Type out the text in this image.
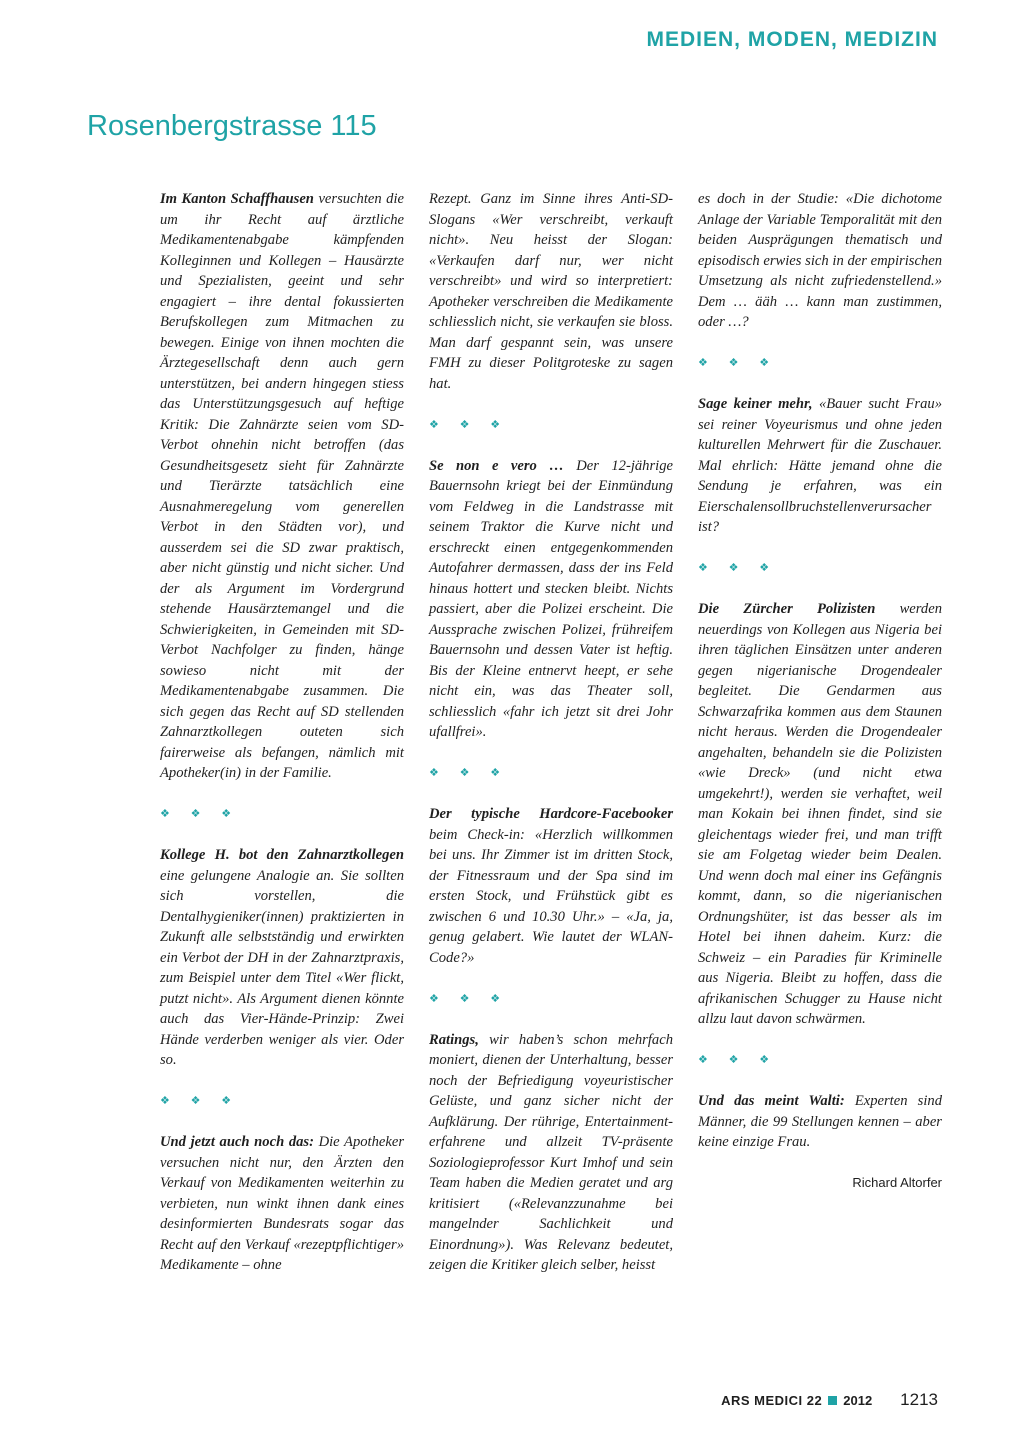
MEDIEN, MODEN, MEDIZIN
Rosenbergstrasse 115

Im Kanton Schaffhausen versuchten die um ihr Recht auf ärztliche Medikamentenabgabe kämpfenden Kolleginnen und Kollegen – Hausärzte und Spezialisten, geeint und sehr engagiert – ihre dental fokussierten Berufskollegen zum Mitmachen zu bewegen. Einige von ihnen mochten die Ärztegesellschaft denn auch gern unterstützen, bei andern hingegen stiess das Unterstützungsgesuch auf heftige Kritik: Die Zahnärzte seien vom SD-Verbot ohnehin nicht betroffen (das Gesundheitsgesetz sieht für Zahnärzte und Tierärzte tatsächlich eine Ausnahmeregelung vom generellen Verbot in den Städten vor), und ausserdem sei die SD zwar praktisch, aber nicht günstig und nicht sicher. Und der als Argument im Vordergrund stehende Hausärztemangel und die Schwierigkeiten, in Gemeinden mit SD-Verbot Nachfolger zu finden, hänge sowieso nicht mit der Medikamentenabgabe zusammen. Die sich gegen das Recht auf SD stellenden Zahnarztkollegen outeten sich fairerweise als befangen, nämlich mit Apotheker(in) in der Familie.

❖ ❖ ❖

Kollege H. bot den Zahnarztkollegen eine gelungene Analogie an. Sie sollten sich vorstellen, die Dentalhygieniker(innen) praktizierten in Zukunft alle selbstständig und erwirkten ein Verbot der DH in der Zahnarztpraxis, zum Beispiel unter dem Titel «Wer flickt, putzt nicht». Als Argument dienen könnte auch das Vier-Hände-Prinzip: Zwei Hände verderben weniger als vier. Oder so.

❖ ❖ ❖

Und jetzt auch noch das: Die Apotheker versuchen nicht nur, den Ärzten den Verkauf von Medikamenten weiterhin zu verbieten, nun winkt ihnen dank eines desinformierten Bundesrats sogar das Recht auf den Verkauf «rezeptpflichtiger» Medikamente – ohne

Rezept. Ganz im Sinne ihres Anti-SD-Slogans «Wer verschreibt, verkauft nicht». Neu heisst der Slogan: «Verkaufen darf nur, wer nicht verschreibt» und wird so interpretiert: Apotheker verschreiben die Medikamente schliesslich nicht, sie verkaufen sie bloss. Man darf gespannt sein, was unsere FMH zu dieser Politgroteske zu sagen hat.

❖ ❖ ❖

Se non e vero … Der 12-jährige Bauernsohn kriegt bei der Einmündung vom Feldweg in die Landstrasse mit seinem Traktor die Kurve nicht und erschreckt einen entgegenkommenden Autofahrer dermassen, dass der ins Feld hinaus hottert und stecken bleibt. Nichts passiert, aber die Polizei erscheint. Die Aussprache zwischen Polizei, frühreifem Bauernsohn und dessen Vater ist heftig. Bis der Kleine entnervt heept, er sehe nicht ein, was das Theater soll, schliesslich «fahr ich jetzt sit drei Johr ufallfrei».

❖ ❖ ❖

Der typische Hardcore-Facebooker beim Check-in: «Herzlich willkommen bei uns. Ihr Zimmer ist im dritten Stock, der Fitnessraum und der Spa sind im ersten Stock, und Frühstück gibt es zwischen 6 und 10.30 Uhr.» – «Ja, ja, genug gelabert. Wie lautet der WLAN-Code?»

❖ ❖ ❖

Ratings, wir haben’s schon mehrfach moniert, dienen der Unterhaltung, besser noch der Befriedigung voyeuristischer Gelüste, und ganz sicher nicht der Aufklärung. Der rührige, Entertainment-erfahrene und allzeit TV-präsente Soziologieprofessor Kurt Imhof und sein Team haben die Medien geratet und arg kritisiert («Relevanzzunahme bei mangelnder Sachlichkeit und Einordnung»). Was Relevanz bedeutet, zeigen die Kritiker gleich selber, heisst

es doch in der Studie: «Die dichotome Anlage der Variable Temporalität mit den beiden Ausprägungen thematisch und episodisch erwies sich in der empirischen Umsetzung als nicht zufriedenstellend.» Dem … ääh … kann man zustimmen, oder …?

❖ ❖ ❖

Sage keiner mehr, «Bauer sucht Frau» sei reiner Voyeurismus und ohne jeden kulturellen Mehrwert für die Zuschauer. Mal ehrlich: Hätte jemand ohne die Sendung je erfahren, was ein Eierschalensollbruchstellenverursacher ist?

❖ ❖ ❖

Die Zürcher Polizisten werden neuerdings von Kollegen aus Nigeria bei ihren täglichen Einsätzen unter anderen gegen nigerianische Drogendealer begleitet. Die Gendarmen aus Schwarzafrika kommen aus dem Staunen nicht heraus. Werden die Drogendealer angehalten, behandeln sie die Polizisten «wie Dreck» (und nicht etwa umgekehrt!), werden sie verhaftet, weil man Kokain bei ihnen findet, sind sie gleichentags wieder frei, und man trifft sie am Folgetag wieder beim Dealen. Und wenn doch mal einer ins Gefängnis kommt, dann, so die nigerianischen Ordnungshüter, ist das besser als im Hotel bei ihnen daheim. Kurz: die Schweiz – ein Paradies für Kriminelle aus Nigeria. Bleibt zu hoffen, dass die afrikanischen Schugger zu Hause nicht allzu laut davon schwärmen.

❖ ❖ ❖

Und das meint Walti: Experten sind Männer, die 99 Stellungen kennen – aber keine einzige Frau.

Richard Altorfer
ARS MEDICI 22 2012 1213
